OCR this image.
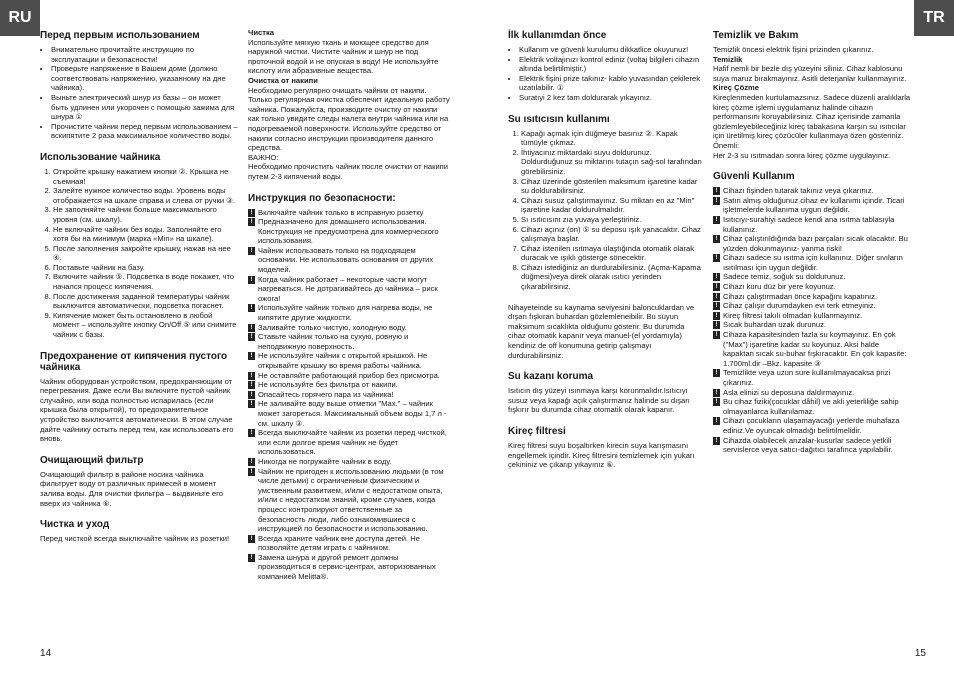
RU	TR
Перед первым использованием
• Внимательно прочитайте инструкцию по эксплуатации и безопасности!
• Проверьте напряжение в Вашем доме (должно соответствовать напряжению, указанному на дне чайника).
• Выньте электрический шнур из базы – он может быть удлинен или укорочен с помощью зажима для шнура ①
• Прочистите чайник перед первым использованием – вскипятите 2 раза максимальное количество воды.
Использование чайника
1. Откройте крышку нажатием кнопки ②. Крышка не съемная!
2. Залейте нужное количество воды. Уровень воды отображается на шкале справа и слева от ручки ③.
3. Не заполняйте чайник больше максимального уровня (см. шкалу).
4. Не включайте чайник без воды. Заполняйте его хотя бы на минимум (марка «Min» на шкале).
5. После заполнения закройте крышку, нажав на нее ④.
6. Поставьте чайник на базу.
7. Включите чайник ⑤. Подсветка в воде покажет, что начался процесс кипячения.
8. После достижения заданной температуры чайник выключится автоматически, подсветка погаснет.
9. Кипячение может быть остановлено в любой момент – используйте кнопку On/Off ⑤ или снимите чайник с базы.
Предохранение от кипячения пустого чайника

Чайник оборудован устройством, предохраняющим от перегревания. Даже если Вы включите пустой чайник случайно, или вода полностью испарилась (если крышка была открытой), то предохранительное устройство выключится автоматически. В этом случае дайте чайнику остыть перед тем, как использовать его вновь.

Очищающий фильтр

Очищающий фильтр в районе носика чайника фильтрует воду от различных примесей в момент залива воды. Для очистки фильтра – выдвиньте его вверх из чайника ⑥.

Чистка и уход

Перед чисткой всегда выключайте чайник из розетки!

Чистка

Используйте мягкую ткань и моющее средство для наружной чистки. Чистите чайник и шнур не под проточной водой и не опуская в воду! Не используйте кислоту или абразивные вещества.

Очистка от накипи

Необходимо регулярно очищать чайник от накипи. Только регулярная очистка обеспечит идеальную работу чайника. Пожалуйста, производите очистку от накипи как только увидите следы налета внутри чайника или на подогреваемой поверхности. Используйте средство от накипи согласно инструкции производителя данного средства.

ВАЖНО:

Необходимо прочистить чайник после очистки от накипи путем 2-3 кипячений воды.

Инструкция по безопасности:
! Включайте чайник только в исправную розетку
! Предназначено для домашнего использования. Конструкция не предусмотрена для коммерческого использования.
! Чайник использовать только на подходящем основании. Не использовать основания от других моделей.
! Когда чайник работает – некоторые части могут нагреваться. Не дотрагивайтесь до чайника – риск ожога!
! Используйте чайник только для нагрева воды, не кипятите другие жидкости.
! Заливайте только чистую, холодную воду.
! Ставьте чайник только на сухую, ровную и неподвижную поверхность.
! Не используйте чайник с открытой крышкой. Не открывайте крышку во время работы чайника.
! Не оставляйте работающий прибор без присмотра.
! Не используйте без фильтра от накипи.
! Опасайтесь горячего пара из чайника!
! Не заливайте воду выше отметки "Max." – чайник может загореться. Максимальный объем воды 1,7 л - см. шкалу ③.
! Всегда выключайте чайник из розетки перед чисткой, или если долгое время чайник не будет использоваться.
! Никогда не погружайте чайник в воду.
! Чайник не пригоден к использованию людьми (в том числе детьми) с ограниченным физическим и умственным развитием, и/или с недостатком опыта, и/или с недостатком знаний, кроме случаев, когда процесс контролируют ответственные за безопасность люди, либо ознакомившиеся с инструкцией по безопасности и использованию.
! Всегда храните чайник вне доступа детей. Не позволяйте детям играть с чайником.
! Замена шнура и другой ремонт должны производиться в сервис-центрах, авторизованных компанией Melitta®.
İlk kullanımdan önce
• Kullanım ve güvenli kurulumu dikkatlice okuyunuz!
• Elektrik voltajınızı kontrol ediniz (voltaj bilgileri cihazın altında belirtilmiştir.)
• Elektrik fişini prize takınız- kablo yuvasından çekilerek uzatılabilir. ①
• Suratıyi 2 kez tam doldurarak yıkayınız.
Su ısıtıcısın kullanımı
1. Kapağı açmak için düğmeye basınız ②. Kapak tümüyle çıkmaz.
2. İhtiyacınız miktardaki suyu doldurunuz. Doldurduğunuz su miktarını tutaçın sağ-sol tarafından görebilirsiniz.
3. Cihaz üzerinde gösterilen maksimum işaretine kadar su doldurabilirsiniz.
4. Cihazı susuz çalıştırmayınız. Su miktarı en az "Min" işaretine kadar doldurulmalıdır.
5. Sı ısıtıcısını zıa yuvaya yerleştiriniz.
6. Cihazı açınız (on) ⑤ su deposu ışık yanacaktır. Cihaz çalışmaya başlar.
7. Cihaz istenilen ısıtmaya ulaştığında otomatik olarak duracak ve ışıklı gösterge sönecektir.
8. Cihazı istediğiniz an durdurabilirsiniz. (Açma-Kapama düğmesi)veya direk olarak ısıtıcı yerinden çıkarabilirsiniz.

Nihayeteinde su kaynama seviyesini baloncuklardan ve dışarı fışkıran buhardan gözlemleneibilir. Bu suyun maksimum sıcaklıkta olduğunu gösterir. Bu durumda cihaz otomatik kapanır veya manuel-(el yordamıyla) kendiniz de off konumuna getirip çalışmayı durdurabilirsiniz.

Su kazanı koruma

Isıtıcın dış yüzeyi ısınmaya karşı korunmalıdır.Isıtıcıyı susuz veya kapağı açık çalıştırmanız halinde su dışarı fışkırır bu durumda cihaz otomatik olarak kapanır.

Kireç filtresi

Kireç filtresi suyu boşaltırken kirecin suya karışmasını engellemek içindir. Kireç filtresini temizlemek için yukarı çekininiz ve çıkarıp yıkayınız ⑥.

Temizlik ve Bakım

Temizlik öncesi elektrik fişini prizinden çıkarınız.

Temizlik

Hafif nemli bir bezle dış yüzeyini siliniz. Cihaz kablosunu suya maruz bırakmayınız. Asitli deterjanlar kullanmayınız.

Kireç Çözme

Kireçlenmeden kurtulamazsınız. Sadece düzenli aralıklarla kireç çözme işlemi uygulamanız halinde cihazın performansını koruyabilirsiniz. Cihaz içerisinde zamanla gözlemleyebileceğiniz kireç tabakasına karşın su ısıtıcılar için üretilmiş kireç çözücüler kullanmaya özen gösteriniz.

Önemli:

Her 2-3 su ısıtmadan sonra kireç çözme uygulayınız.

Güvenli Kullanım
! Cihazı fişinden tutarak takınız veya çıkarınız.
! Satın almış olduğunuz cihaz ev kullanımı içindir. Ticari işletmelerde kullanıma uygun değildir.
! Isıtıcıyı-surahiyi sadece kendi ana ısıtma tablasıyla kullanınız.
! Cihaz çalıştırıldığında bazı parçaları sıcak olacaktır. Bu yüzden dokunmayınız- yanma riski!
! Cihazı sadece su ısıtma için kullanınız. Diğer sıvıların ısıtılması için uygun değildir.
! Sadece temiz, soğuk su doldurunuz.
! Cihazı kuru düz bir yere koyunuz.
! Cihazı çalıştırmadan önce kapağını kapatınız.
! Cihaz çalışır durumdayken evi terk etmeyiniz.
! Kireç filtresi takılı olmadan kullanmayınız.
! Sıcak buhardan uzak durunuz.
! Cihaza kapasitesinden fazla su koymayınız. En çok ("Max") işaretine kadar su koyunuz. Aksi halde kapaktan sıcak su-buhar fışkıracaktır. En çok kapasite: 1.700ml.dir –Bkz. kapasite ③
! Temizlikte veya uzun sure kullanılmayacaksa prizi çıkarınız.
! Asla elinizi su deposuna daldırmayınız.
! Bu cihaz fiziki(çocuklar dâhil) ve akli yeterliliğe sahip olmayanlarca kullanılamaz.
! Cihazı çocukların ulaşamayacağı yerlerde muhafaza ediniz.Ve oyuncak olmadığı belirtilmelidir.
! Cihazda olabilecek arızalar-kusurlar sadece yetkili servislerce veya satıcı-dağıtıcı tarafınca yapılabilir.
14	15
